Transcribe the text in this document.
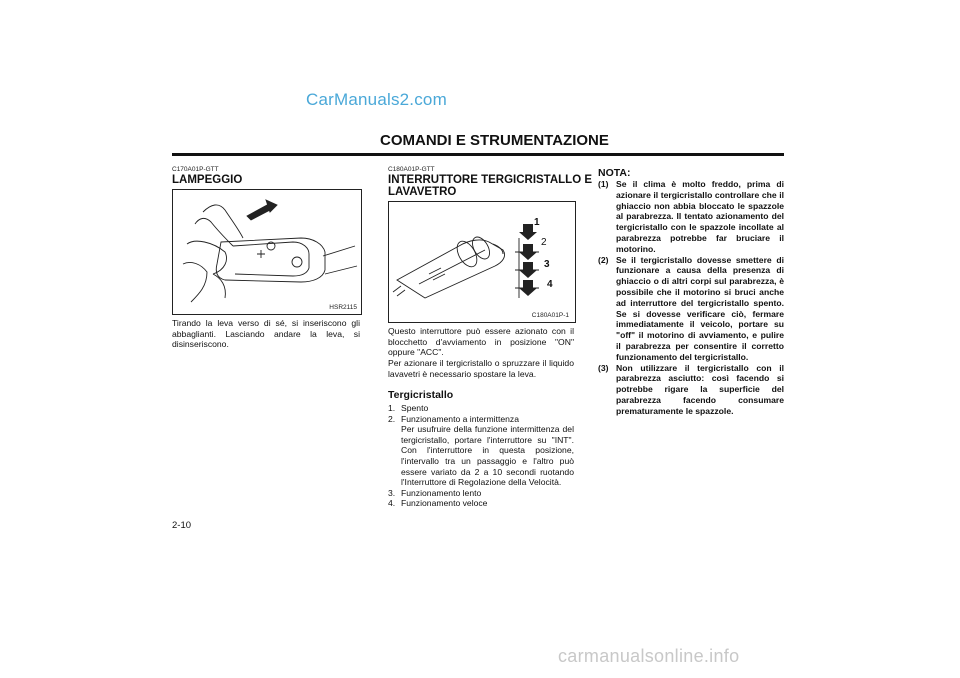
CarManuals2.com
COMANDI E STRUMENTAZIONE
C170A01P-GTT
LAMPEGGIO
HSR2115
Tirando la leva verso di sé, si inseriscono gli abbaglianti. Lasciando andare la leva, si disinseriscono.
C180A01P-GTT
INTERRUTTORE TERGICRISTALLO E
LAVAVETRO
1
2
3
4
C180A01P-1
Questo interruttore può essere azionato con il blocchetto d'avviamento in posizione "ON" oppure "ACC".
Per azionare il tergicristallo o spruzzare il liquido lavavetri è necessario spostare la leva.
Tergicristallo
1. Spento
2. Funzionamento a intermittenza
Per usufruire della funzione intermittenza del tergicristallo, portare l'interruttore su "INT". Con l'interruttore in questa posizione, l'intervallo tra un passaggio e l'altro può essere variato da 2 a 10 secondi ruotando l'Interruttore di Regolazione della Velocità.
3. Funzionamento lento
4. Funzionamento veloce
NOTA:
(1) Se il clima è molto freddo, prima di azionare il tergicristallo controllare che il ghiaccio non abbia bloccato le spazzole al parabrezza. Il tentato azionamento del tergicristallo con le spazzole incollate al parabrezza potrebbe far bruciare il motorino.
(2) Se il tergicristallo dovesse smettere di funzionare a causa della presenza di ghiaccio o di altri corpi sul parabrezza, è possibile che il motorino si bruci anche ad interruttore del tergicristallo spento. Se si dovesse verificare ciò, fermare immediatamente il veicolo, portare su "off" il motorino di avviamento, e pulire il parabrezza per consentire il corretto funzionamento del tergicristallo.
(3) Non utilizzare il tergicristallo con il parabrezza asciutto: così facendo si potrebbe rigare la superficie del parabrezza facendo consumare prematuramente le spazzole.
2-10
carmanualsonline.info
